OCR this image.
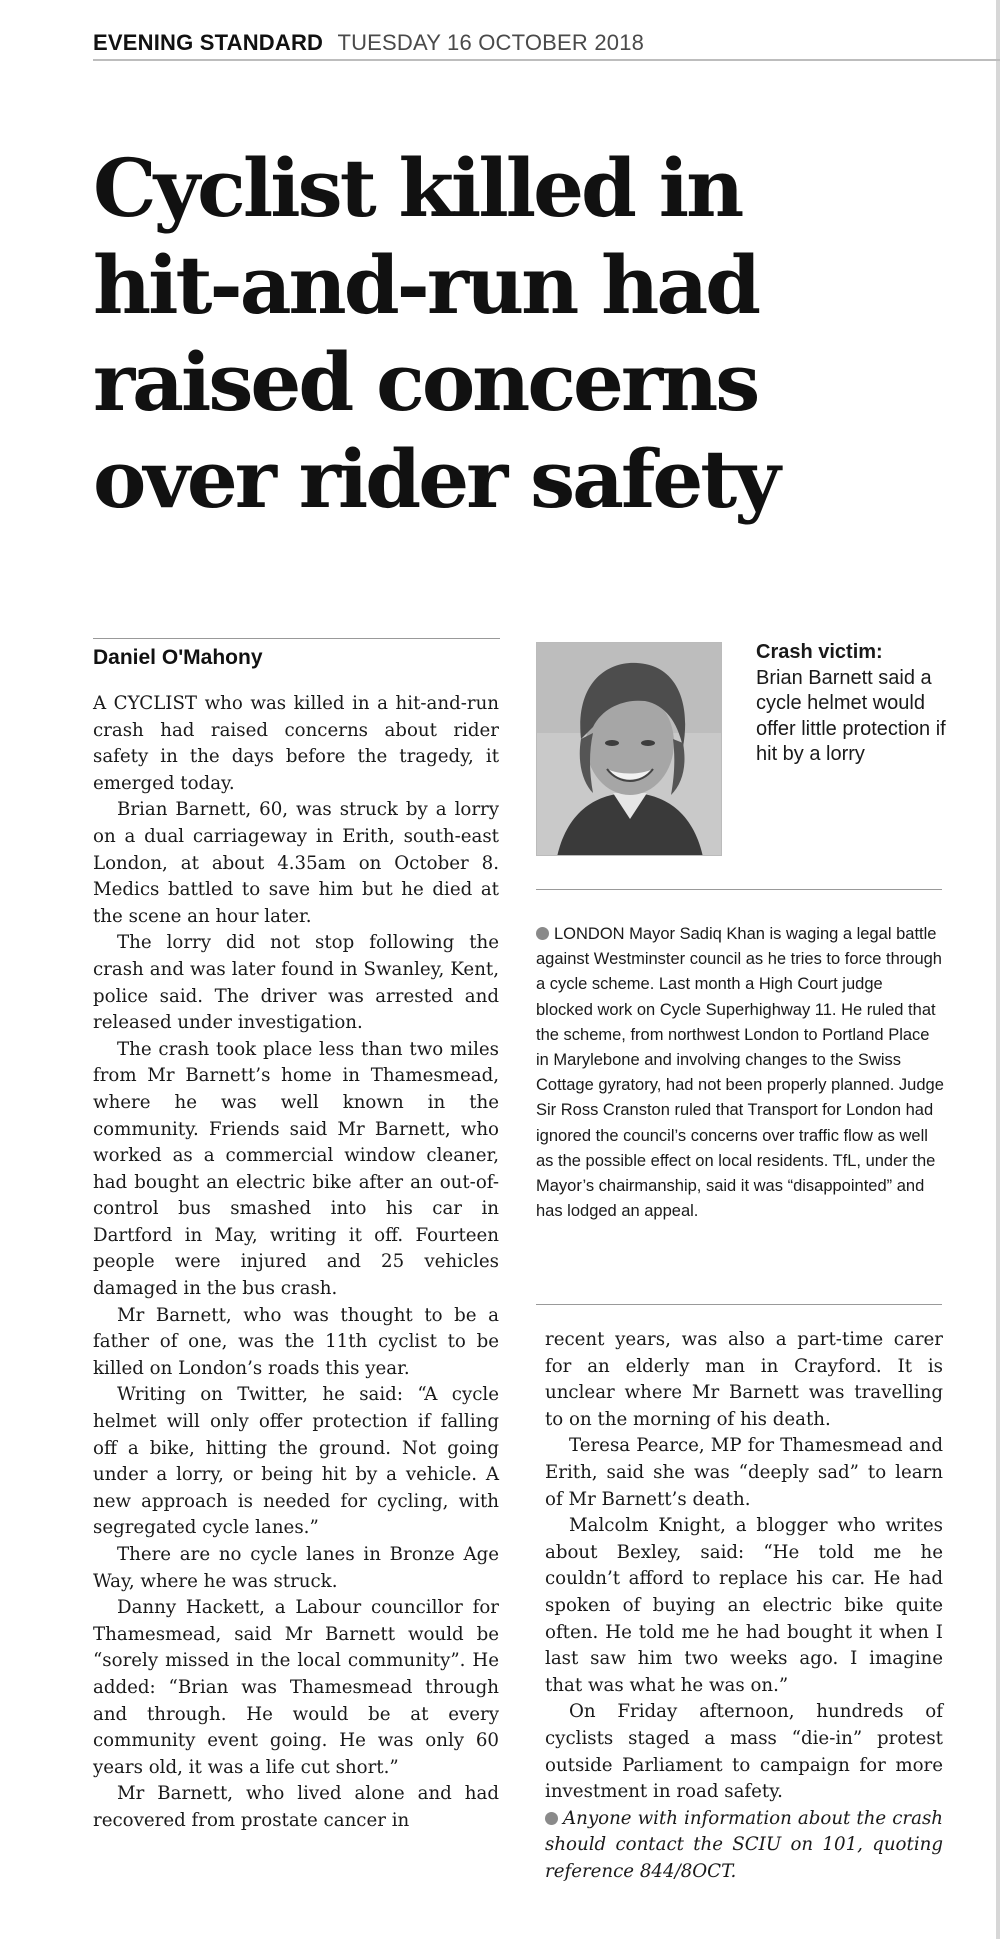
EVENING STANDARD TUESDAY 16 OCTOBER 2018
Cyclist killed in
hit-and-run had
raised concerns
over rider safety
Daniel O'Mahony

A CYCLIST who was killed in a hit-and-run crash had raised concerns about rider safety in the days before the tragedy, it emerged today.

Brian Barnett, 60, was struck by a lorry on a dual carriageway in Erith, south-east London, at about 4.35am on October 8. Medics battled to save him but he died at the scene an hour later.

The lorry did not stop following the crash and was later found in Swanley, Kent, police said. The driver was arrested and released under investigation.

The crash took place less than two miles from Mr Barnett’s home in Thamesmead, where he was well known in the community. Friends said Mr Barnett, who worked as a commercial window cleaner, had bought an electric bike after an out-of-control bus smashed into his car in Dartford in May, writing it off. Fourteen people were injured and 25 vehicles damaged in the bus crash.

Mr Barnett, who was thought to be a father of one, was the 11th cyclist to be killed on London’s roads this year.

Writing on Twitter, he said: “A cycle helmet will only offer protection if falling off a bike, hitting the ground. Not going under a lorry, or being hit by a vehicle. A new approach is needed for cycling, with segregated cycle lanes.”

There are no cycle lanes in Bronze Age Way, where he was struck.

Danny Hackett, a Labour councillor for Thamesmead, said Mr Barnett would be “sorely missed in the local community”. He added: “Brian was Thamesmead through and through. He would be at every community event going. He was only 60 years old, it was a life cut short.”

Mr Barnett, who lived alone and had recovered from prostate cancer in

Crash victim:
Brian Barnett said a cycle helmet would offer little protection if hit by a lorry

LONDON Mayor Sadiq Khan is waging a legal battle against Westminster council as he tries to force through a cycle scheme. Last month a High Court judge blocked work on Cycle Superhighway 11. He ruled that the scheme, from northwest London to Portland Place in Marylebone and involving changes to the Swiss Cottage gyratory, had not been properly planned. Judge Sir Ross Cranston ruled that Transport for London had ignored the council’s concerns over traffic flow as well as the possible effect on local residents. TfL, under the Mayor’s chairmanship, said it was “disappointed” and has lodged an appeal.

recent years, was also a part-time carer for an elderly man in Crayford. It is unclear where Mr Barnett was travelling to on the morning of his death.

Teresa Pearce, MP for Thamesmead and Erith, said she was “deeply sad” to learn of Mr Barnett’s death.

Malcolm Knight, a blogger who writes about Bexley, said: “He told me he couldn’t afford to replace his car. He had spoken of buying an electric bike quite often. He told me he had bought it when I last saw him two weeks ago. I imagine that was what he was on.”

On Friday afternoon, hundreds of cyclists staged a mass “die-in” protest outside Parliament to campaign for more investment in road safety.

Anyone with information about the crash should contact the SCIU on 101, quoting reference 844/8OCT.
